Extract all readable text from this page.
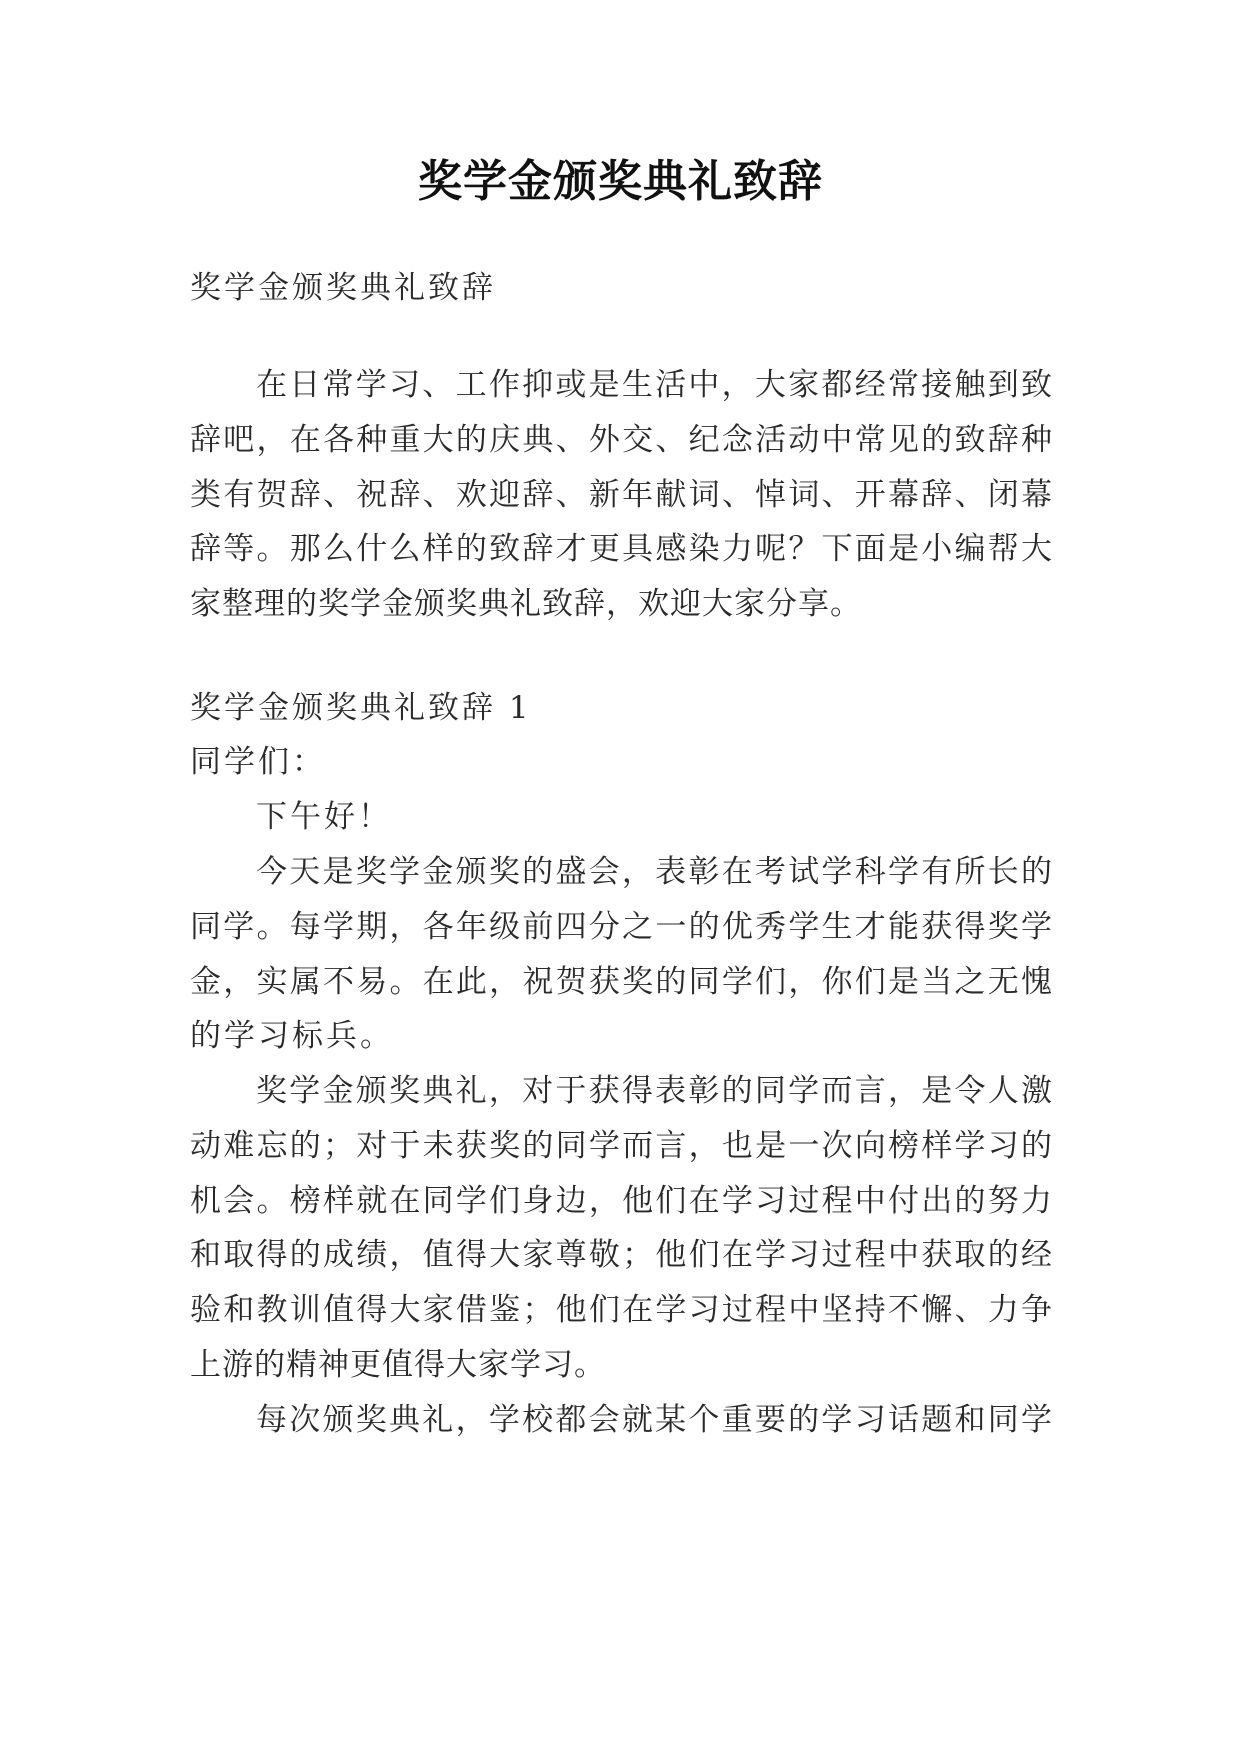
奖学金颁奖典礼致辞
奖学金颁奖典礼致辞
在日常学习、工作抑或是生活中，大家都经常接触到致
辞吧，在各种重大的庆典、外交、纪念活动中常见的致辞种
类有贺辞、祝辞、欢迎辞、新年献词、悼词、开幕辞、闭幕
辞等。那么什么样的致辞才更具感染力呢？下面是小编帮大
家整理的奖学金颁奖典礼致辞，欢迎大家分享。
奖学金颁奖典礼致辞 1
同学们：
下午好！
今天是奖学金颁奖的盛会，表彰在考试学科学有所长的
同学。每学期，各年级前四分之一的优秀学生才能获得奖学
金，实属不易。在此，祝贺获奖的同学们，你们是当之无愧
的学习标兵。
奖学金颁奖典礼，对于获得表彰的同学而言，是令人激
动难忘的；对于未获奖的同学而言，也是一次向榜样学习的
机会。榜样就在同学们身边，他们在学习过程中付出的努力
和取得的成绩，值得大家尊敬；他们在学习过程中获取的经
验和教训值得大家借鉴；他们在学习过程中坚持不懈、力争
上游的精神更值得大家学习。
每次颁奖典礼，学校都会就某个重要的学习话题和同学
